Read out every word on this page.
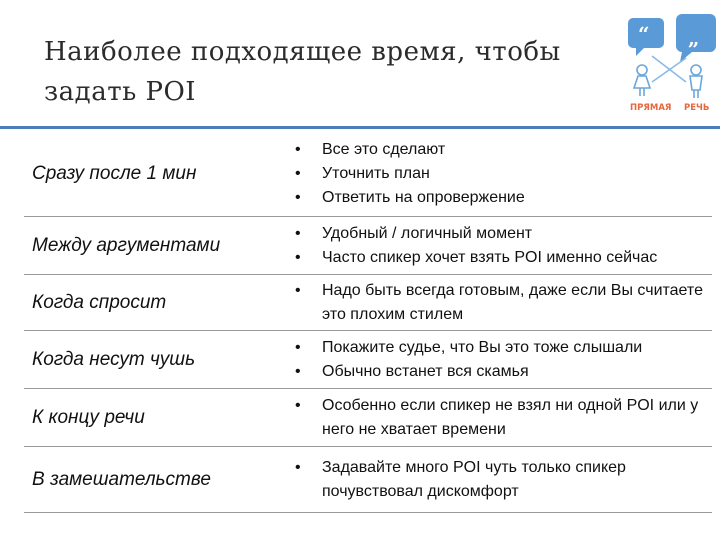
Наиболее подходящее время, чтобы задать POI
“ „
ПРЯМАЯ РЕЧЬ
Сразу после 1 мин
• Все это сделают
• Уточнить план
• Ответить на опровержение
Между аргументами
• Удобный / логичный момент
• Часто спикер хочет взять POI именно сейчас
Когда спросит
• Надо быть всегда готовым, даже если Вы считаете это плохим стилем
Когда несут чушь
• Покажите судье, что Вы это тоже слышали
• Обычно встанет вся скамья
К концу речи
• Особенно если спикер не взял ни одной POI или у него не хватает времени
В замешательстве
• Задавайте много POI чуть только спикер почувствовал дискомфорт
